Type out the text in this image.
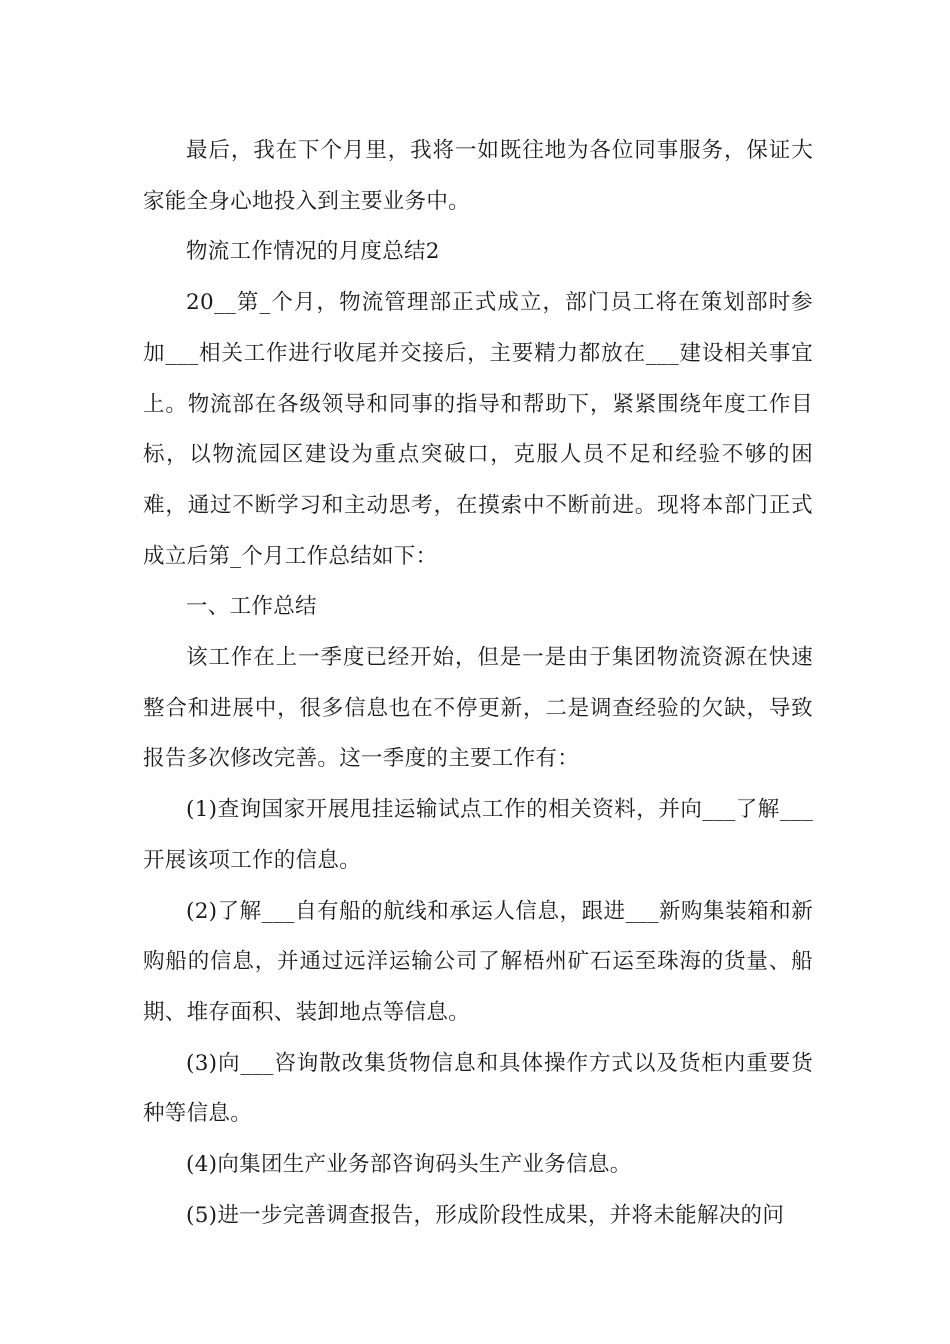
最后，我在下个月里，我将一如既往地为各位同事服务，保证大家能全身心地投入到主要业务中。

物流工作情况的月度总结2

20__第_个月，物流管理部正式成立，部门员工将在策划部时参加___相关工作进行收尾并交接后，主要精力都放在___建设相关事宜上。物流部在各级领导和同事的指导和帮助下，紧紧围绕年度工作目标，以物流园区建设为重点突破口，克服人员不足和经验不够的困难，通过不断学习和主动思考，在摸索中不断前进。现将本部门正式成立后第_个月工作总结如下：

一、工作总结

该工作在上一季度已经开始，但是一是由于集团物流资源在快速整合和进展中，很多信息也在不停更新，二是调查经验的欠缺，导致报告多次修改完善。这一季度的主要工作有：

(1)查询国家开展甩挂运输试点工作的相关资料，并向___了解___开展该项工作的信息。

(2)了解___自有船的航线和承运人信息，跟进___新购集装箱和新购船的信息，并通过远洋运输公司了解梧州矿石运至珠海的货量、船期、堆存面积、装卸地点等信息。

(3)向___咨询散改集货物信息和具体操作方式以及货柜内重要货种等信息。

(4)向集团生产业务部咨询码头生产业务信息。

(5)进一步完善调查报告，形成阶段性成果，并将未能解决的问
